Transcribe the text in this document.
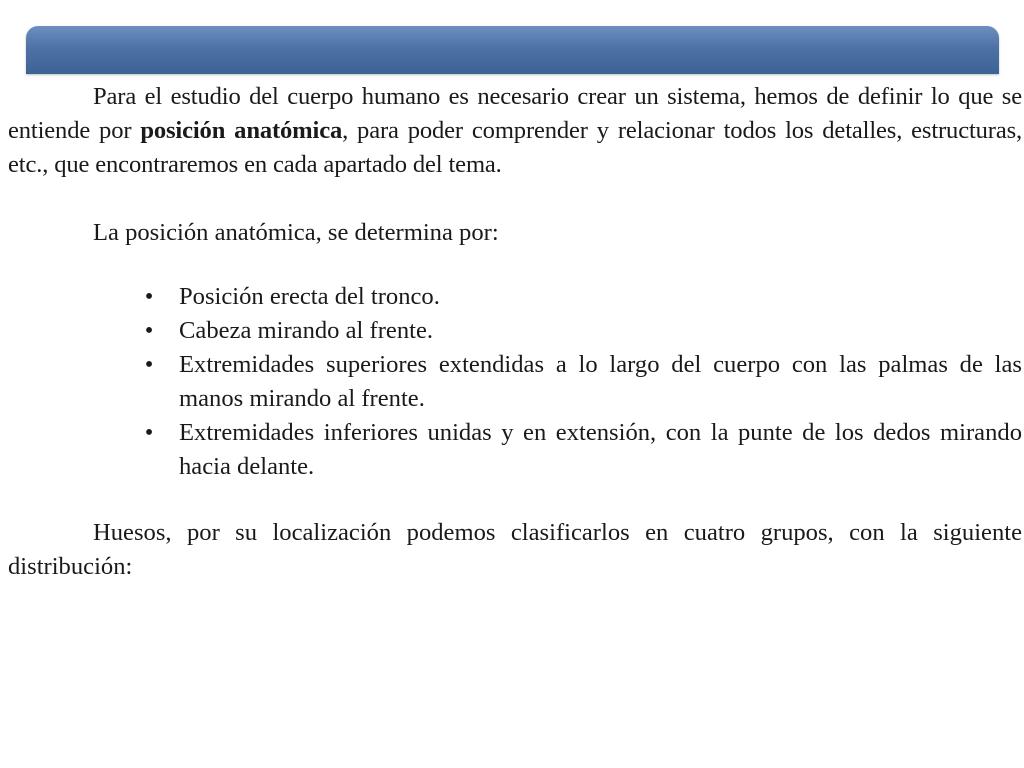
Para el estudio del cuerpo humano es necesario crear un sistema, hemos de definir lo que se entiende por posición anatómica, para poder comprender y relacionar todos los detalles, estructuras, etc., que encontraremos en cada apartado del tema.

La posición anatómica, se determina por:

• Posición erecta del tronco.
• Cabeza mirando al frente.
• Extremidades superiores extendidas a lo largo del cuerpo con las palmas de las manos mirando al frente.
• Extremidades inferiores unidas y en extensión, con la punte de los dedos mirando hacia delante.

Huesos, por su localización podemos clasificarlos en cuatro grupos, con la siguiente distribución:
